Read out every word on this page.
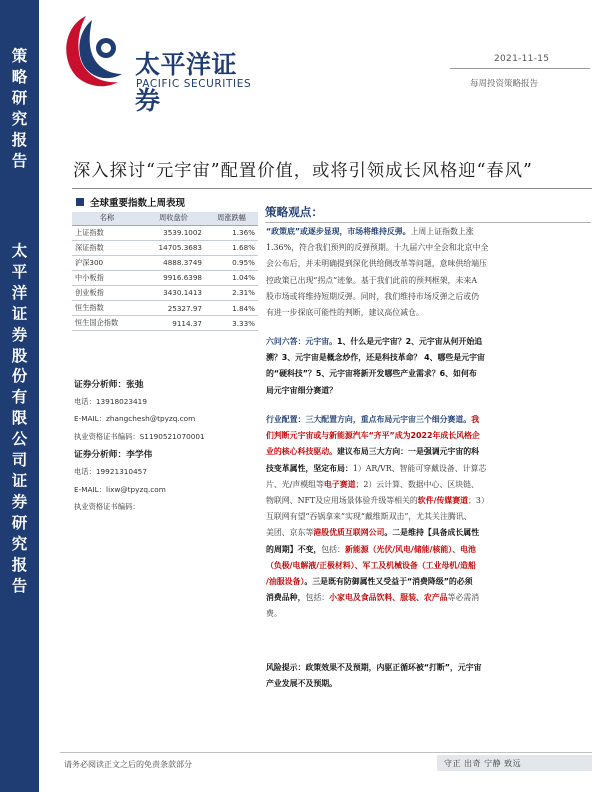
策
略
研
究
报
告
太
平
洋
证
券
股
份
有
限
公
司
证
券
研
究
报
告
太平洋证券
PACIFIC SECURITIES
2021-11-15
每周投资策略报告
深入探讨“元宇宙”配置价值，或将引领成长风格迎“春风”
全球重要指数上周表现
名称	周收盘价	周涨跌幅
上证指数	3539.1002	1.36%
深证指数	14705.3683	1.68%
沪深300	4888.3749	0.95%
中小板指	9916.6398	1.04%
创业板指	3430.1413	2.31%
恒生指数	25327.97	1.84%
恒生国企指数	9114.37	3.33%
证券分析师：张弛
电话：13918023419
E-MAIL：zhangchesh@tpyzq.com
执业资格证书编码：S1190521070001
证券分析师：李学伟
电话：19921310457
E-MAIL：lixw@tpyzq.com
执业资格证书编码：
策略观点：
“政策底”或逐步显现，市场将维持反弹。上周上证指数上涨
1.36%，符合我们预判的反弹预期。十九届六中全会和北京中全
会公布后，并未明确提到深化供给侧改革等问题，意味供给端压
控政策已出现“拐点”迹象。基于我们此前的预判框架，未来A
股市场或将维持短期反弹。同时，我们维持市场反弹之后或仍
有进一步探底可能性的判断，建议高位减仓。
六问六答：元宇宙。1、什么是元宇宙？2、元宇宙从何开始追
溯？3、元宇宙是概念炒作，还是科技革命？ 4、哪些是元宇宙
的“硬科技”？5、元宇宙将新开发哪些产业需求？6、如何布
局元宇宙细分赛道？
行业配置：三大配置方向，重点布局元宇宙三个细分赛道。我
们判断元宇宙或与新能源汽车“齐平”成为2022年成长风格企
业的核心科技驱动。建议布局三大方向：一是强调元宇宙的科
技变革属性，坚定布局：1）AR/VR、智能可穿戴设备、计算芯
片、光/声模组等电子赛道；2）云计算、数据中心、区块链、
物联网、NFT及应用场景体验升级等相关的软件/传媒赛道；3）
互联网有望“吞锅拿来”实现“戴维斯双击”，尤其关注腾讯、
美团、京东等港股优质互联网公司。二是维持【具备成长属性
的周期】不变，包括：新能源（光伏/风电/储能/核能）、电池
（负极/电解液/正极材料）、军工及机械设备（工业母机/造船
/油服设备）。三是既有防御属性又受益于“消费降级”的必须
消费品种，包括：小家电及食品饮料、服装、农产品等必需消
费。
风险提示：政策效果不及预期，内驱正循环被“打断”，元宇宙
产业发展不及预期。
请务必阅读正文之后的免责条款部分	守正 出奇 宁静 致远
